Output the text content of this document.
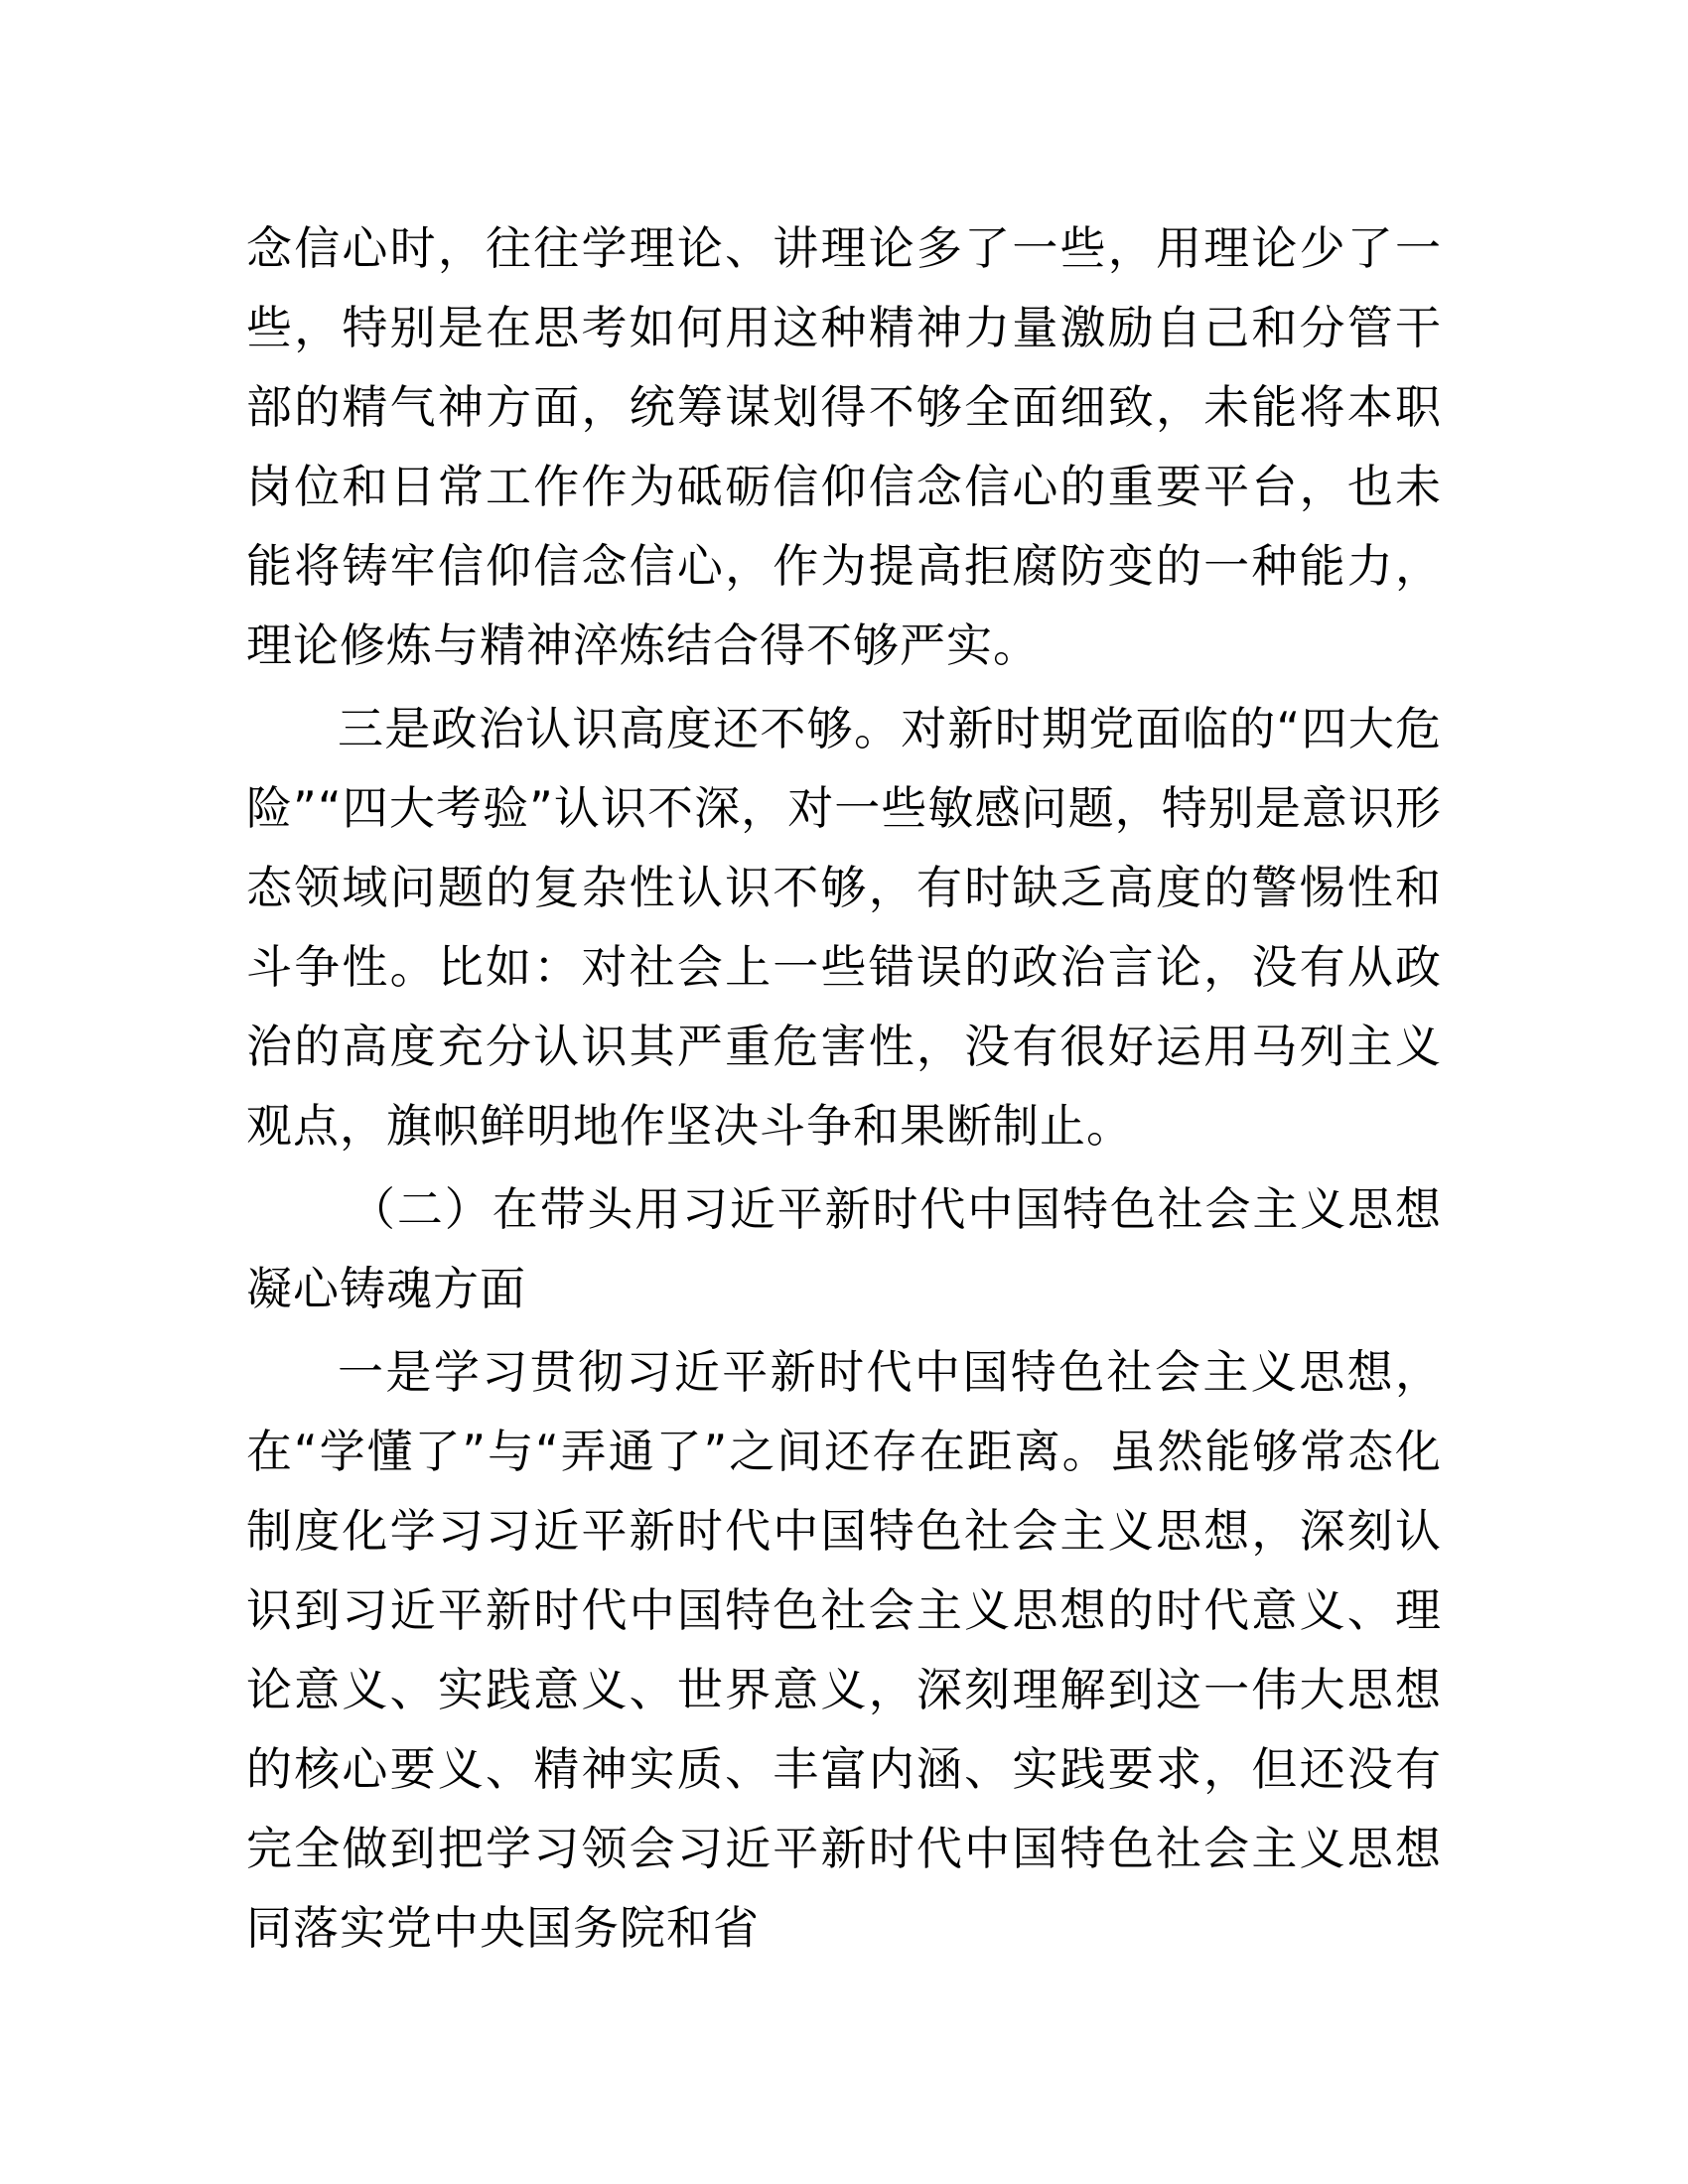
念信心时，往往学理论、讲理论多了一些，用理论少了一些，特别是在思考如何用这种精神力量激励自己和分管干部的精气神方面，统筹谋划得不够全面细致，未能将本职岗位和日常工作作为砥砺信仰信念信心的重要平台，也未能将铸牢信仰信念信心，作为提高拒腐防变的一种能力，理论修炼与精神淬炼结合得不够严实。

三是政治认识高度还不够。对新时期党面临的“四大危险”“四大考验”认识不深，对一些敏感问题，特别是意识形态领域问题的复杂性认识不够，有时缺乏高度的警惕性和斗争性。比如：对社会上一些错误的政治言论，没有从政治的高度充分认识其严重危害性，没有很好运用马列主义观点，旗帜鲜明地作坚决斗争和果断制止。

（二）在带头用习近平新时代中国特色社会主义思想凝心铸魂方面

一是学习贯彻习近平新时代中国特色社会主义思想，在“学懂了”与“弄通了”之间还存在距离。虽然能够常态化制度化学习习近平新时代中国特色社会主义思想，深刻认识到习近平新时代中国特色社会主义思想的时代意义、理论意义、实践意义、世界意义，深刻理解到这一伟大思想的核心要义、精神实质、丰富内涵、实践要求，但还没有完全做到把学习领会习近平新时代中国特色社会主义思想同落实党中央国务院和省
